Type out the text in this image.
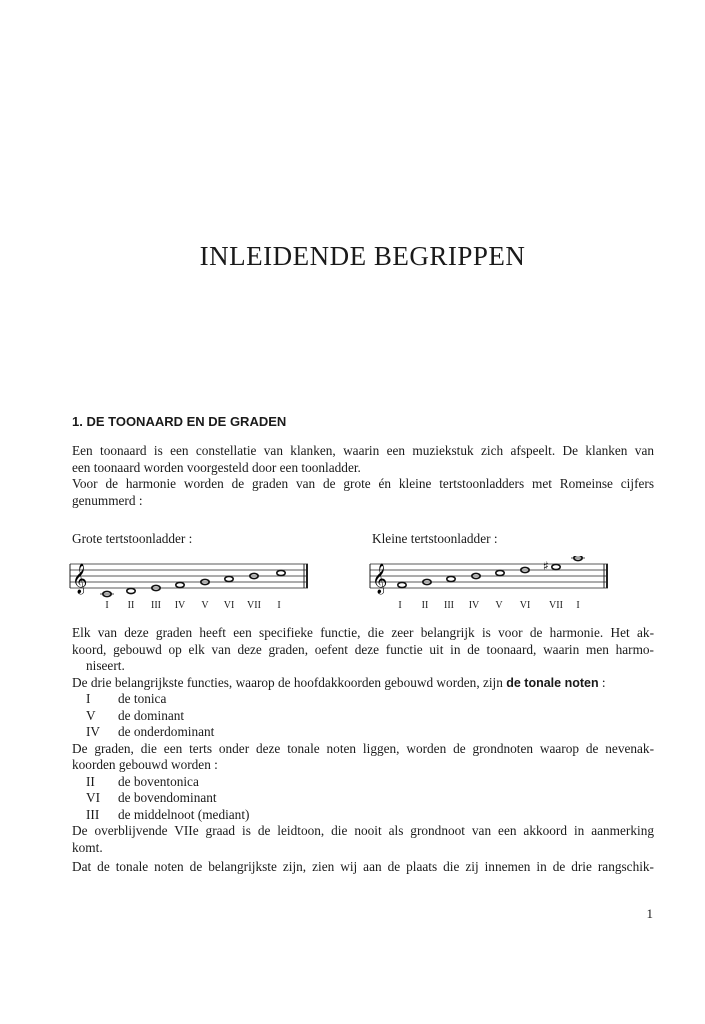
INLEIDENDE BEGRIPPEN
1. DE TOONAARD EN DE GRADEN
Een toonaard is een constellatie van klanken, waarin een muziekstuk zich afspeelt. De klanken van
een toonaard worden voorgesteld door een toonladder.
Voor de harmonie worden de graden van de grote én kleine tertstoonladders met Romeinse cijfers
genummerd :
Grote tertstoonladder :	Kleine tertstoonladder :
𝄞	𝄞	♯
I II III IV V VI VII I	I II III IV V VI VII I
Elk van deze graden heeft een specifieke functie, die zeer belangrijk is voor de harmonie. Het ak-
koord, gebouwd op elk van deze graden, oefent deze functie uit in de toonaard, waarin men harmo-
niseert.
De drie belangrijkste functies, waarop de hoofdakkoorden gebouwd worden, zijn de tonale noten :
I de tonica
V de dominant
IV de onderdominant
De graden, die een terts onder deze tonale noten liggen, worden de grondnoten waarop de nevenak-
koorden gebouwd worden :
II de boventonica
VI de bovendominant
III de middelnoot (mediant)
De overblijvende VIIe graad is de leidtoon, die nooit als grondnoot van een akkoord in aanmerking
komt.
Dat de tonale noten de belangrijkste zijn, zien wij aan de plaats die zij innemen in de drie rangschik-
1
